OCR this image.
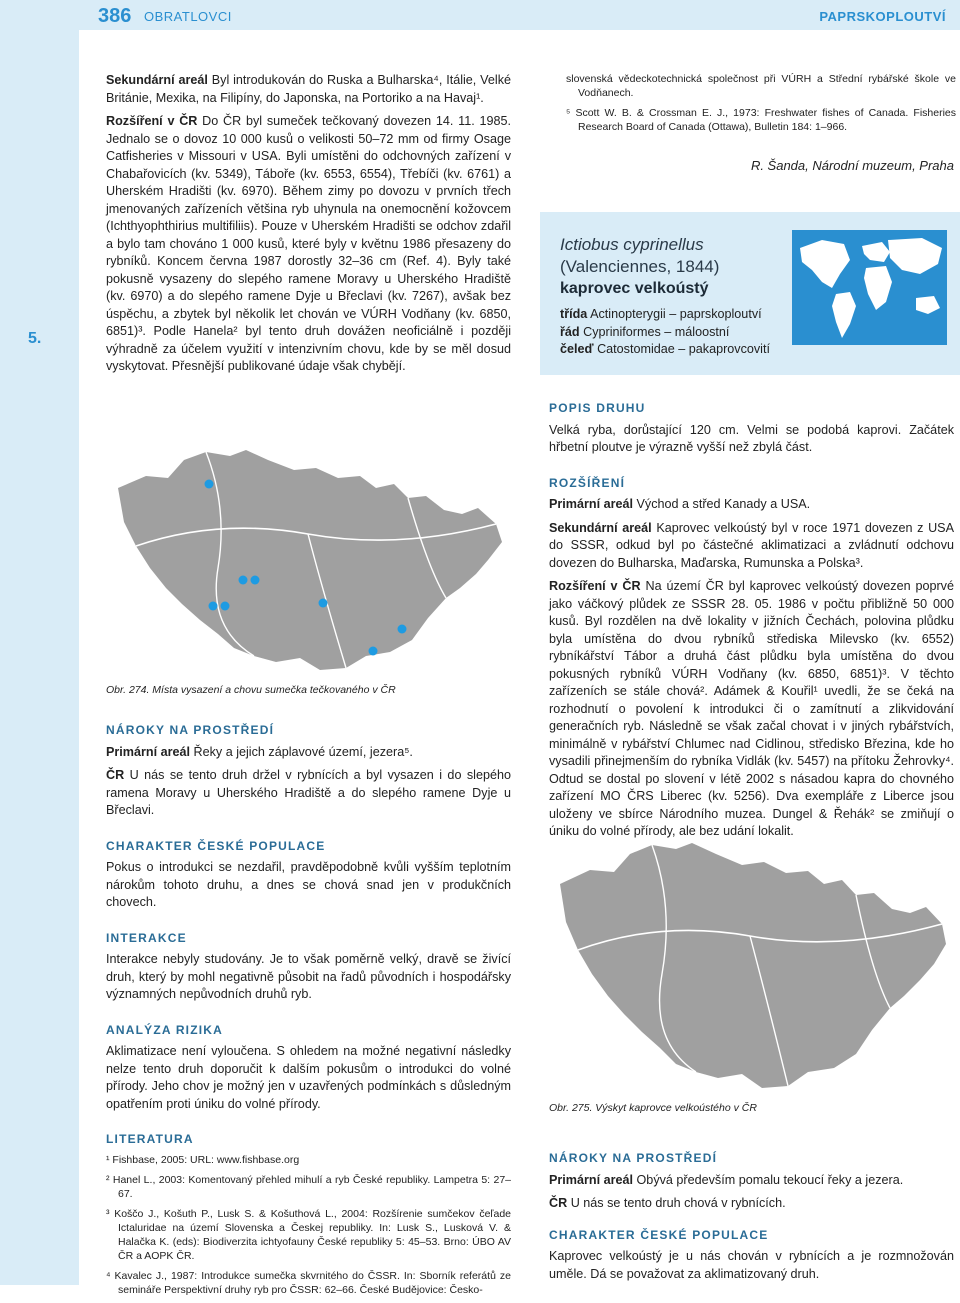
386 OBRATLOVCI	PAPRSKOPLOUTVÍ
5.

Sekundární areál Byl introdukován do Ruska a Bulharska⁴, Itálie, Velké Británie, Mexika, na Filipíny, do Japonska, na Portoriko a na Havaj¹.

Rozšíření v ČR Do ČR byl sumeček tečkovaný dovezen 14. 11. 1985. Jednalo se o dovoz 10 000 kusů o velikosti 50–72 mm od firmy Osage Catfisheries v Missouri v USA. Byli umístěni do odchovných zařízení v Chabařovicích (kv. 5349), Táboře (kv. 6553, 6554), Třebíči (kv. 6761) a Uherském Hradišti (kv. 6970). Během zimy po dovozu v prvních třech jmenovaných zařízeních většina ryb uhynula na onemocnění kožovcem (Ichthyophthirius multifiliis). Pouze v Uherském Hradišti se odchov zdařil a bylo tam chováno 1 000 kusů, které byly v květnu 1986 přesazeny do rybníků. Koncem června 1987 dorostly 32–36 cm (Ref. 4). Byly také pokusně vysazeny do slepého ramene Moravy u Uherského Hradiště (kv. 6970) a do slepého ramene Dyje u Břeclavi (kv. 7267), avšak bez úspěchu, a zbytek byl několik let chován ve VÚRH Vodňany (kv. 6850, 6851)³. Podle Hanela² byl tento druh dovážen neoficiálně i později výhradně za účelem využití v intenzivním chovu, kde by se měl dosud vyskytovat. Přesnější publikované údaje však chybějí.

Obr. 274. Místa vysazení a chovu sumečka tečkovaného v ČR
NÁROKY NA PROSTŘEDÍ

Primární areál Řeky a jejich záplavové území, jezera⁵.

ČR U nás se tento druh držel v rybnících a byl vysazen i do slepého ramena Moravy u Uherského Hradiště a do slepého ramene Dyje u Břeclavi.

CHARAKTER ČESKÉ POPULACE

Pokus o introdukci se nezdařil, pravděpodobně kvůli vyšším teplotním nárokům tohoto druhu, a dnes se chová snad jen v produkčních chovech.

INTERAKCE

Interakce nebyly studovány. Je to však poměrně velký, dravě se živící druh, který by mohl negativně působit na řadů původních i hospodářsky významných nepůvodních druhů ryb.

ANALÝZA RIZIKA

Aklimatizace není vyloučena. S ohledem na možné negativní následky nelze tento druh doporučit k dalším pokusům o introdukci do volné přírody. Jeho chov je možný jen v uzavřených podmínkách s důsledným opatřením proti úniku do volné přírody.

LITERATURA

¹ Fishbase, 2005: URL: www.fishbase.org

² Hanel L., 2003: Komentovaný přehled mihulí a ryb České republiky. Lampetra 5: 27–67.

³ Koščo J., Košuth P., Lusk S. & Košuthová L., 2004: Rozšírenie sumčekov čeľade Ictaluridae na území Slovenska a Českej republiky. In: Lusk S., Lusková V. & Halačka K. (eds): Biodiverzita ichtyofauny České republiky 5: 45–53. Brno: ÚBO AV ČR a AOPK ČR.

⁴ Kavalec J., 1987: Introdukce sumečka skvrnitého do ČSSR. In: Sborník referátů ze semináře Perspektivní druhy ryb pro ČSSR: 62–66. České Budějovice: Česko-

slovenská vědeckotechnická společnost při VÚRH a Střední rybářské škole ve Vodňanech.

⁵ Scott W. B. & Crossman E. J., 1973: Freshwater fishes of Canada. Fisheries Research Board of Canada (Ottawa), Bulletin 184: 1–966.

R. Šanda, Národní muzeum, Praha
Ictiobus cyprinellus
(Valenciennes, 1844)
kaprovec velkoústý
třída Actinopterygii – paprskoploutví
řád Cypriniformes – máloostní
čeleď Catostomidae – pakaprovcovití
POPIS DRUHU

Velká ryba, dorůstající 120 cm. Velmi se podobá kaprovi. Začátek hřbetní ploutve je výrazně vyšší než zbylá část.

ROZŠÍŘENÍ

Primární areál Východ a střed Kanady a USA.

Sekundární areál Kaprovec velkoústý byl v roce 1971 dovezen z USA do SSSR, odkud byl po částečné aklimatizaci a zvládnutí odchovu dovezen do Bulharska, Maďarska, Rumunska a Polska³.

Rozšíření v ČR Na území ČR byl kaprovec velkoústý dovezen poprvé jako váčkový plůdek ze SSSR 28. 05. 1986 v počtu přibližně 50 000 kusů. Byl rozdělen na dvě lokality v jižních Čechách, polovina plůdku byla umístěna do dvou rybníků střediska Milevsko (kv. 6552) rybníkářství Tábor a druhá část plůdku byla umístěna do dvou pokusných rybníků VÚRH Vodňany (kv. 6850, 6851)³. V těchto zařízeních se stále chová². Adámek & Kouřil¹ uvedli, že se čeká na rozhodnutí o povolení k introdukci či o zamítnutí a zlikvidování generačních ryb. Následně se však začal chovat i v jiných rybářstvích, minimálně v rybářství Chlumec nad Cidlinou, středisko Březina, kde ho vysadili přinejmenším do rybníka Vidlák (kv. 5457) na přítoku Žehrovky⁴. Odtud se dostal po slovení v létě 2002 s násadou kapra do chovného zařízení MO ČRS Liberec (kv. 5256). Dva exempláře z Liberce jsou uloženy ve sbírce Národního muzea. Dungel & Řehák² se zmiňují o úniku do volné přírody, ale bez udání lokalit.

Obr. 275. Výskyt kaprovce velkoústého v ČR
NÁROKY NA PROSTŘEDÍ

Primární areál Obývá především pomalu tekoucí řeky a jezera.

ČR U nás se tento druh chová v rybnících.

CHARAKTER ČESKÉ POPULACE

Kaprovec velkoústý je u nás chován v rybnících a je rozmnožován uměle. Dá se považovat za aklimatizovaný druh.
